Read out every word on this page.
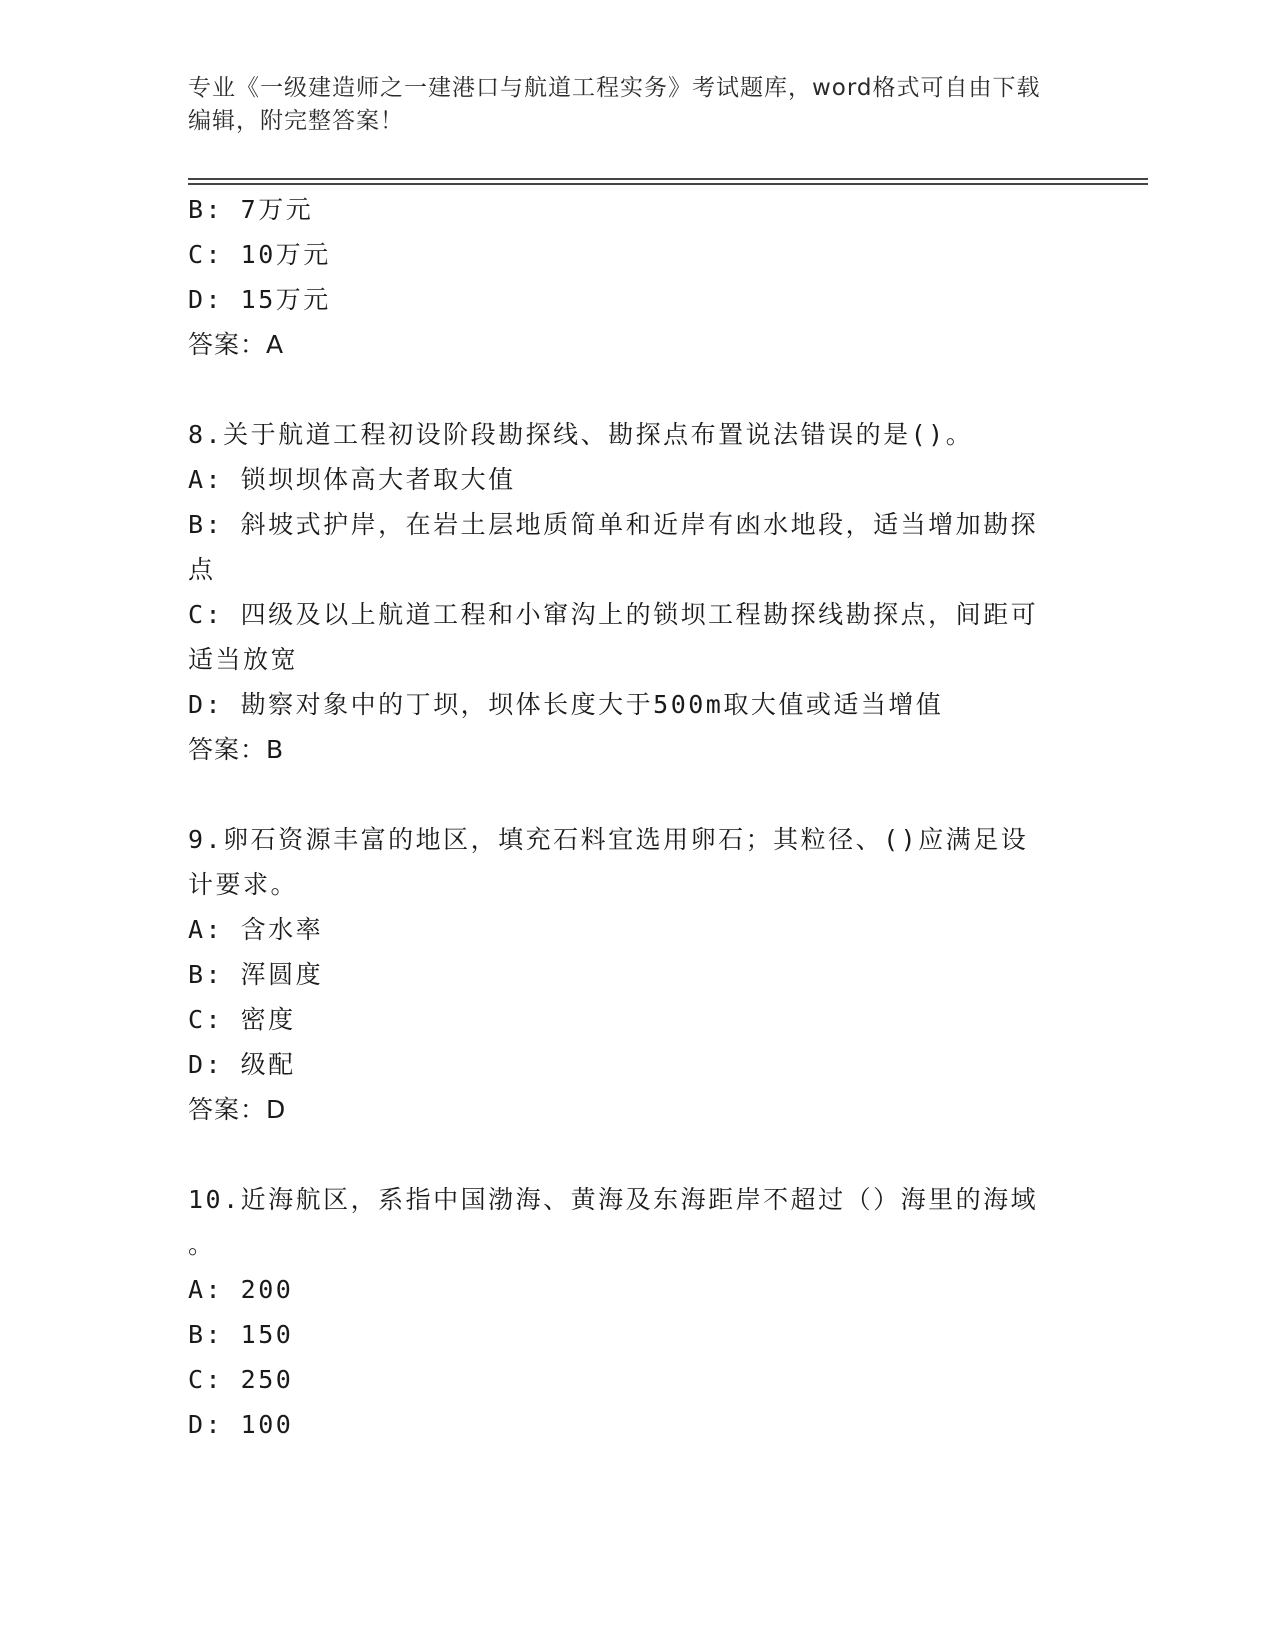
专业《一级建造师之一建港口与航道工程实务》考试题库，word格式可自由下载
编辑，附完整答案！
B: 7万元
C: 10万元
D: 15万元
答案：A
8.关于航道工程初设阶段勘探线、勘探点布置说法错误的是()。
A: 锁坝坝体高大者取大值
B: 斜坡式护岸，在岩土层地质简单和近岸有凼水地段，适当增加勘探
点
C: 四级及以上航道工程和小窜沟上的锁坝工程勘探线勘探点，间距可
适当放宽
D: 勘察对象中的丁坝，坝体长度大于500m取大值或适当增值
答案：B
9.卵石资源丰富的地区，填充石料宜选用卵石；其粒径、()应满足设
计要求。
A: 含水率
B: 浑圆度
C: 密度
D: 级配
答案：D
10.近海航区，系指中国渤海、黄海及东海距岸不超过（）海里的海域
。
A: 200
B: 150
C: 250
D: 100
